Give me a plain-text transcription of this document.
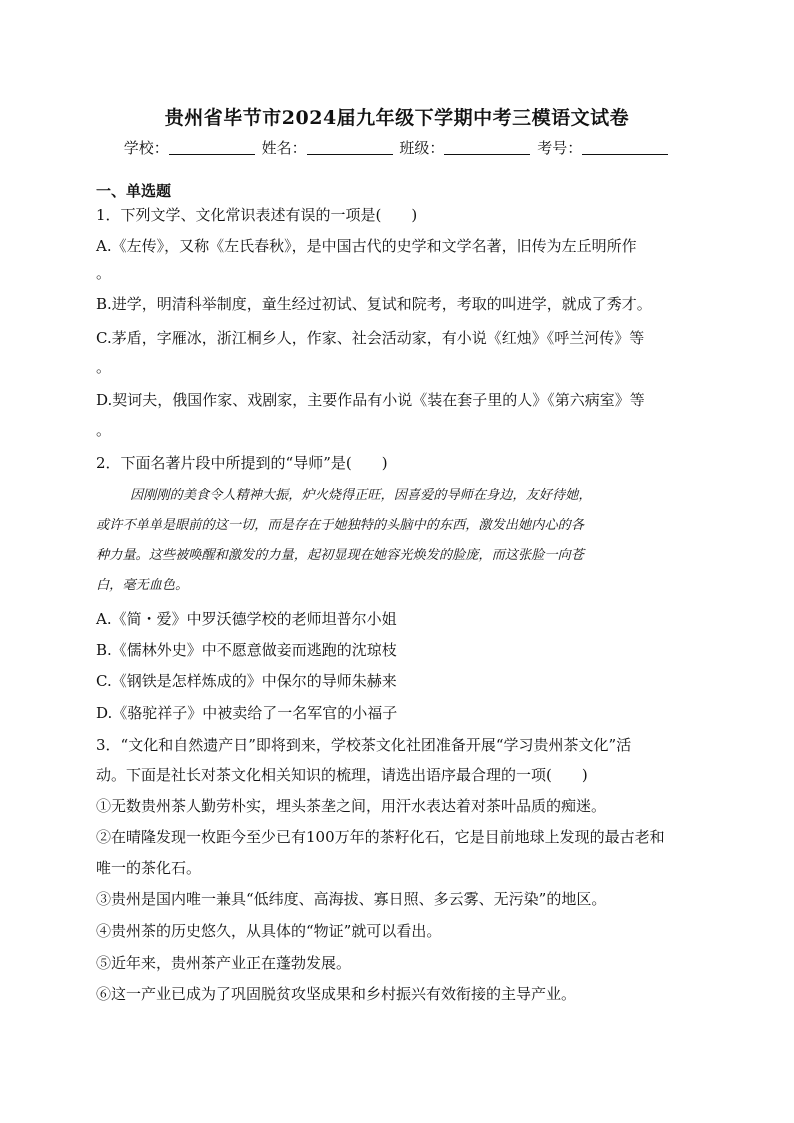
贵州省毕节市2024届九年级下学期中考三模语文试卷
学校：	姓名：	班级：	考号：
一、单选题
1．下列文学、文化常识表述有误的一项是(　　)
A.《左传》，又称《左氏春秋》，是中国古代的史学和文学名著，旧传为左丘明所作
。
B.进学，明清科举制度，童生经过初试、复试和院考，考取的叫进学，就成了秀才。
C.茅盾，字雁冰，浙江桐乡人，作家、社会活动家，有小说《红烛》《呼兰河传》等
。
D.契诃夫，俄国作家、戏剧家，主要作品有小说《装在套子里的人》《第六病室》等
。
2．下面名著片段中所提到的“导师”是(　　)
因刚刚的美食令人精神大振，炉火烧得正旺，因喜爱的导师在身边，友好待她，
或许不单单是眼前的这一切，而是存在于她独特的头脑中的东西，激发出她内心的各
种力量。这些被唤醒和激发的力量，起初显现在她容光焕发的脸庞，而这张脸一向苍
白，毫无血色。
A.《简・爱》中罗沃德学校的老师坦普尔小姐
B.《儒林外史》中不愿意做妾而逃跑的沈琼枝
C.《钢铁是怎样炼成的》中保尔的导师朱赫来
D.《骆驼祥子》中被卖给了一名军官的小福子
3．“文化和自然遗产日”即将到来，学校茶文化社团准备开展“学习贵州茶文化”活
动。下面是社长对茶文化相关知识的梳理，请选出语序最合理的一项(　　)
①无数贵州茶人勤劳朴实，埋头茶垄之间，用汗水表达着对茶叶品质的痴迷。
②在晴隆发现一枚距今至少已有100万年的茶籽化石，它是目前地球上发现的最古老和
唯一的茶化石。
③贵州是国内唯一兼具“低纬度、高海拔、寡日照、多云雾、无污染”的地区。
④贵州茶的历史悠久，从具体的“物证”就可以看出。
⑤近年来，贵州茶产业正在蓬勃发展。
⑥这一产业已成为了巩固脱贫攻坚成果和乡村振兴有效衔接的主导产业。
